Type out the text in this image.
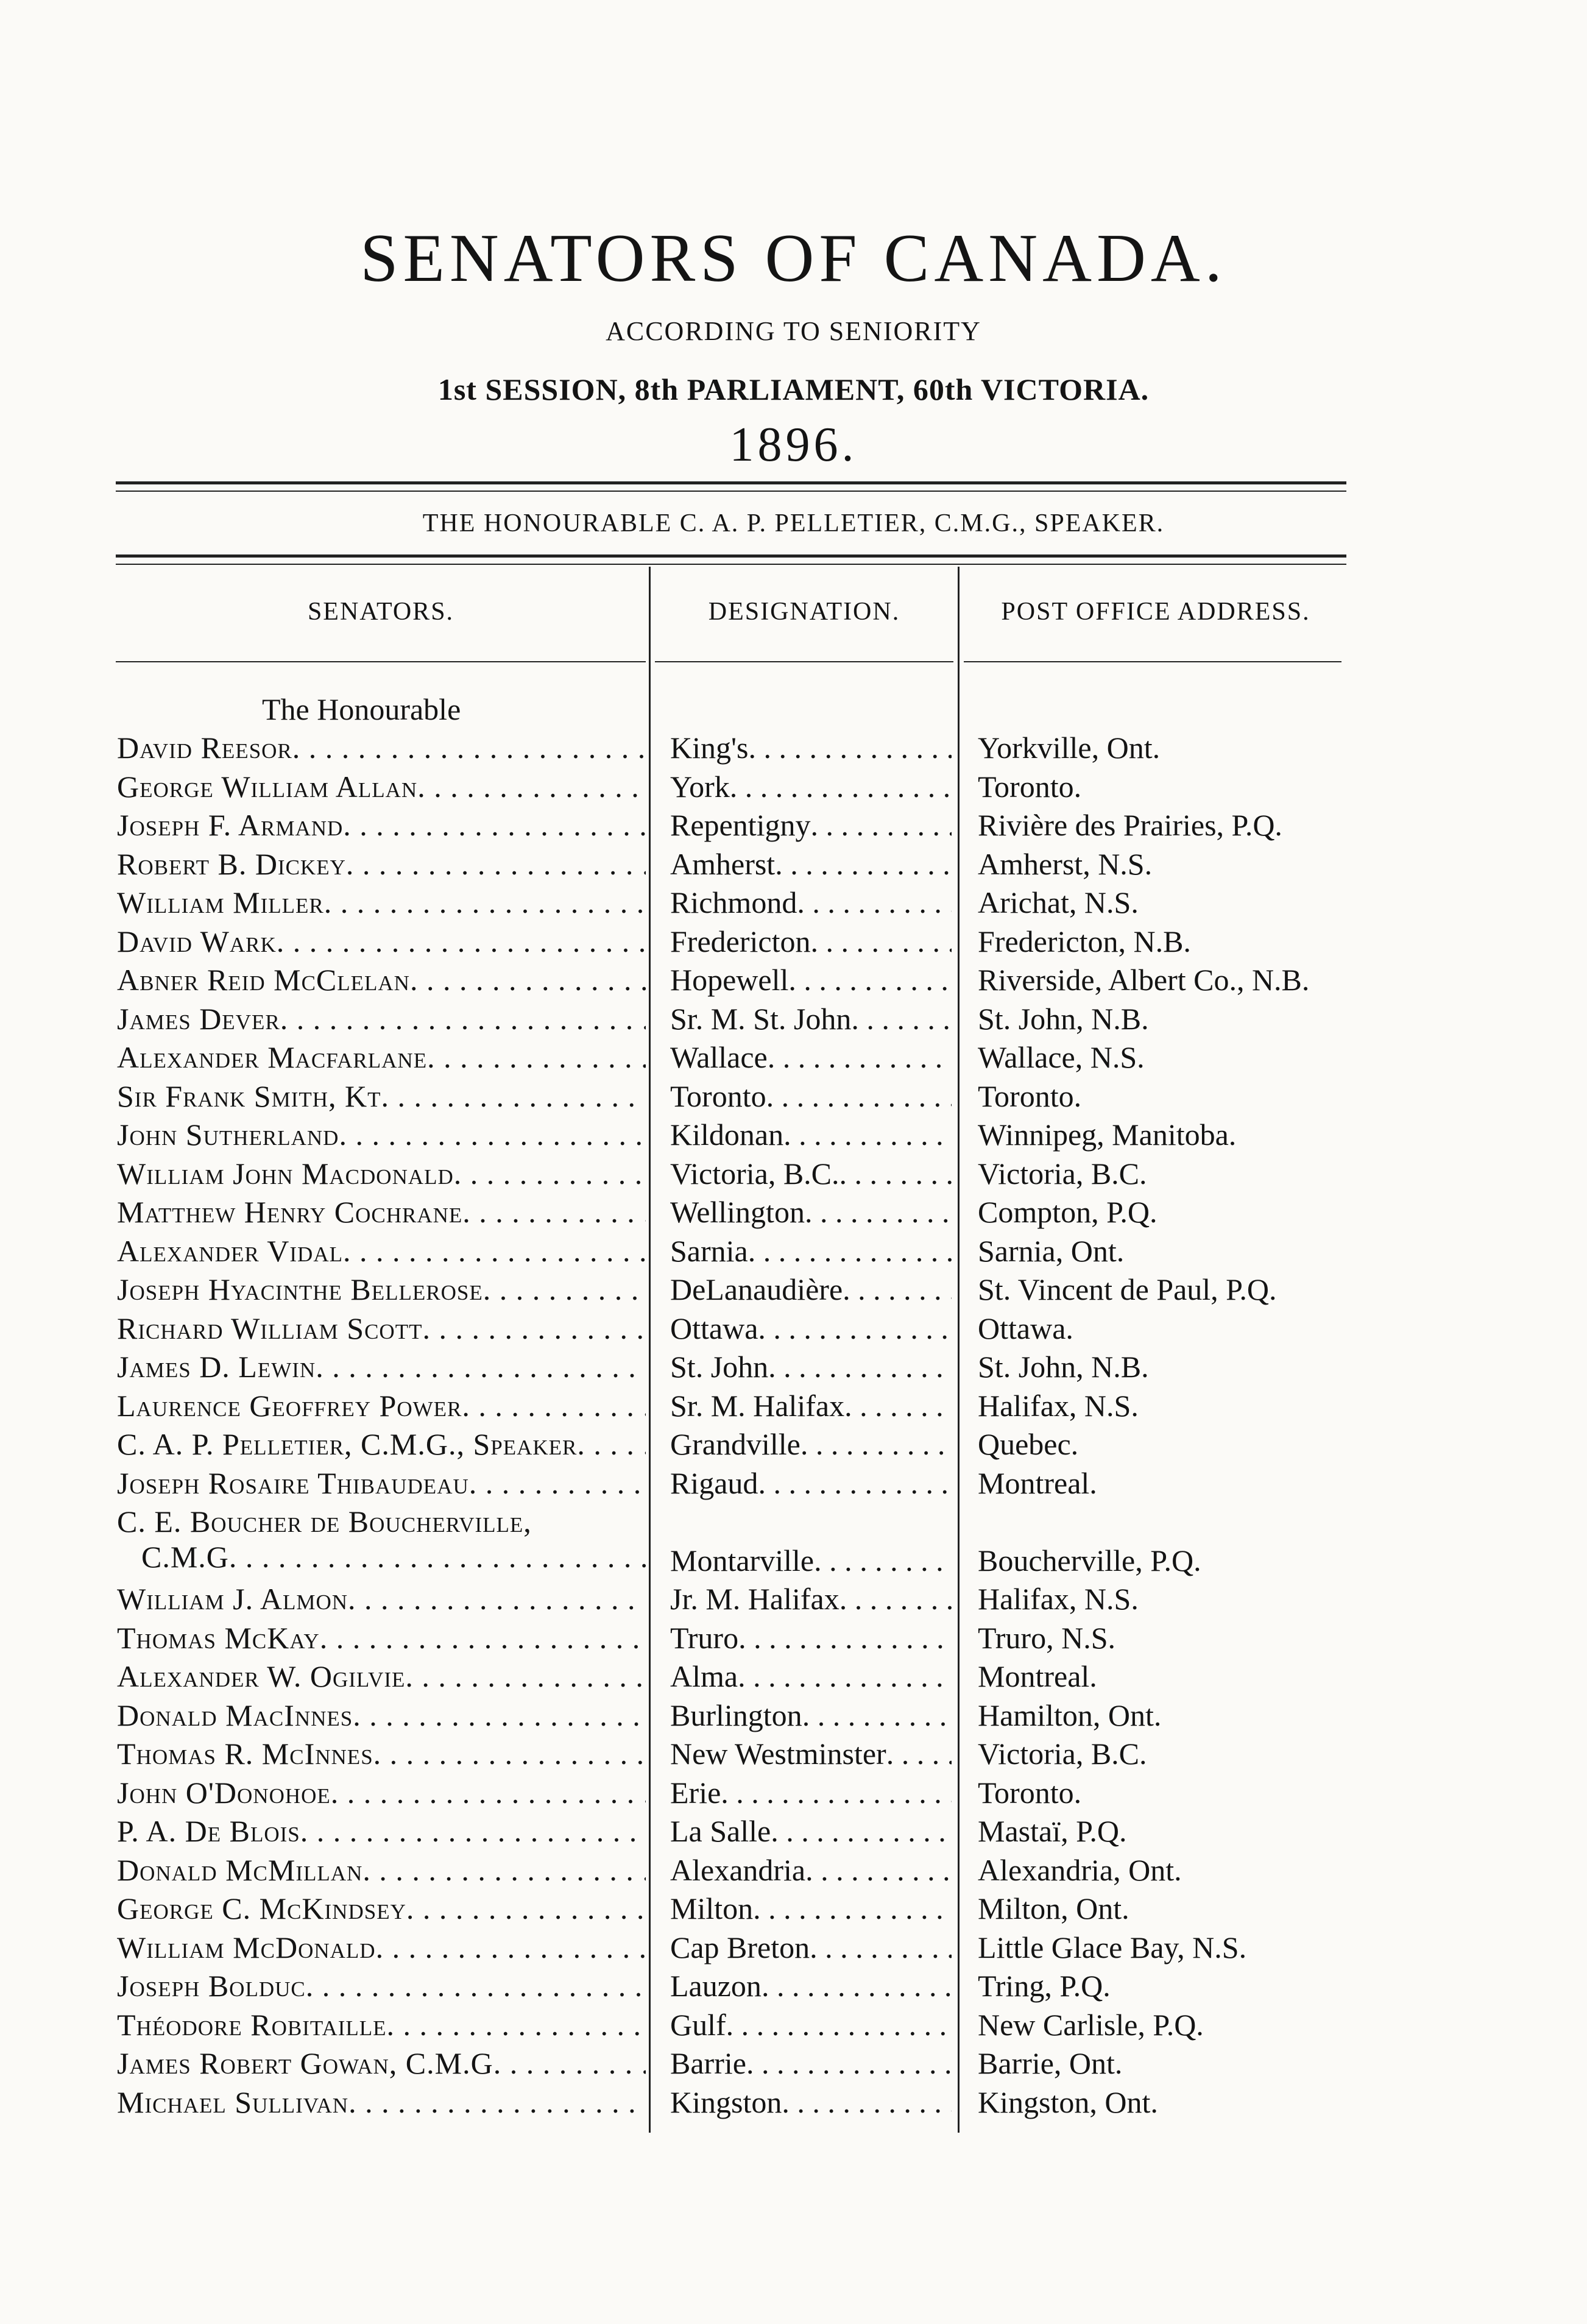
SENATORS OF CANADA.
ACCORDING TO SENIORITY
1st SESSION, 8th PARLIAMENT, 60th VICTORIA.
1896.
THE HONOURABLE C. A. P. PELLETIER, C.M.G., SPEAKER.
SENATORS.	DESIGNATION.	POST OFFICE ADDRESS.
The Honourable
David Reesor . . .	King's . . .	Yorkville, Ont.
George William Allan . . .	York . . .	Toronto.
Joseph F. Armand . . .	Repentigny . . .	Rivière des Prairies, P.Q.
Robert B. Dickey . . .	Amherst . . .	Amherst, N.S.
William Miller . . .	Richmond . . .	Arichat, N.S.
David Wark . . .	Fredericton . . .	Fredericton, N.B.
Abner Reid McClelan . . .	Hopewell . . .	Riverside, Albert Co., N.B.
James Dever . . .	Sr. M. St. John . . .	St. John, N.B.
Alexander Macfarlane . . .	Wallace . . .	Wallace, N.S.
Sir Frank Smith, Kt . . .	Toronto . . .	Toronto.
John Sutherland . . .	Kildonan . . .	Winnipeg, Manitoba.
William John Macdonald . . .	Victoria, B.C. . . .	Victoria, B.C.
Matthew Henry Cochrane . . .	Wellington . . .	Compton, P.Q.
Alexander Vidal . . .	Sarnia . . .	Sarnia, Ont.
Joseph Hyacinthe Bellerose . . .	DeLanaudière . . .	St. Vincent de Paul, P.Q.
Richard William Scott . . .	Ottawa . . .	Ottawa.
James D. Lewin . . .	St. John . . .	St. John, N.B.
Laurence Geoffrey Power . . .	Sr. M. Halifax . . .	Halifax, N.S.
C. A. P. Pelletier, C.M.G., Speaker . . .	Grandville . . .	Quebec.
Joseph Rosaire Thibaudeau . . .	Rigaud . . .	Montreal.
C. E. Boucher de Boucherville,
C.M.G . . .	Montarville . . .	Boucherville, P.Q.
William J. Almon . . .	Jr. M. Halifax . . .	Halifax, N.S.
Thomas McKay . . .	Truro . . .	Truro, N.S.
Alexander W. Ogilvie . . .	Alma . . .	Montreal.
Donald MacInnes . . .	Burlington . . .	Hamilton, Ont.
Thomas R. McInnes . . .	New Westminster . . .	Victoria, B.C.
John O'Donohoe . . .	Erie . . .	Toronto.
P. A. De Blois . . .	La Salle . . .	Mastaï, P.Q.
Donald McMillan . . .	Alexandria . . .	Alexandria, Ont.
George C. McKindsey . . .	Milton . . .	Milton, Ont.
William McDonald . . .	Cap Breton . . .	Little Glace Bay, N.S.
Joseph Bolduc . . .	Lauzon . . .	Tring, P.Q.
Théodore Robitaille . . .	Gulf . . .	New Carlisle, P.Q.
James Robert Gowan, C.M.G . . .	Barrie . . .	Barrie, Ont.
Michael Sullivan . . .	Kingston . . .	Kingston, Ont.
